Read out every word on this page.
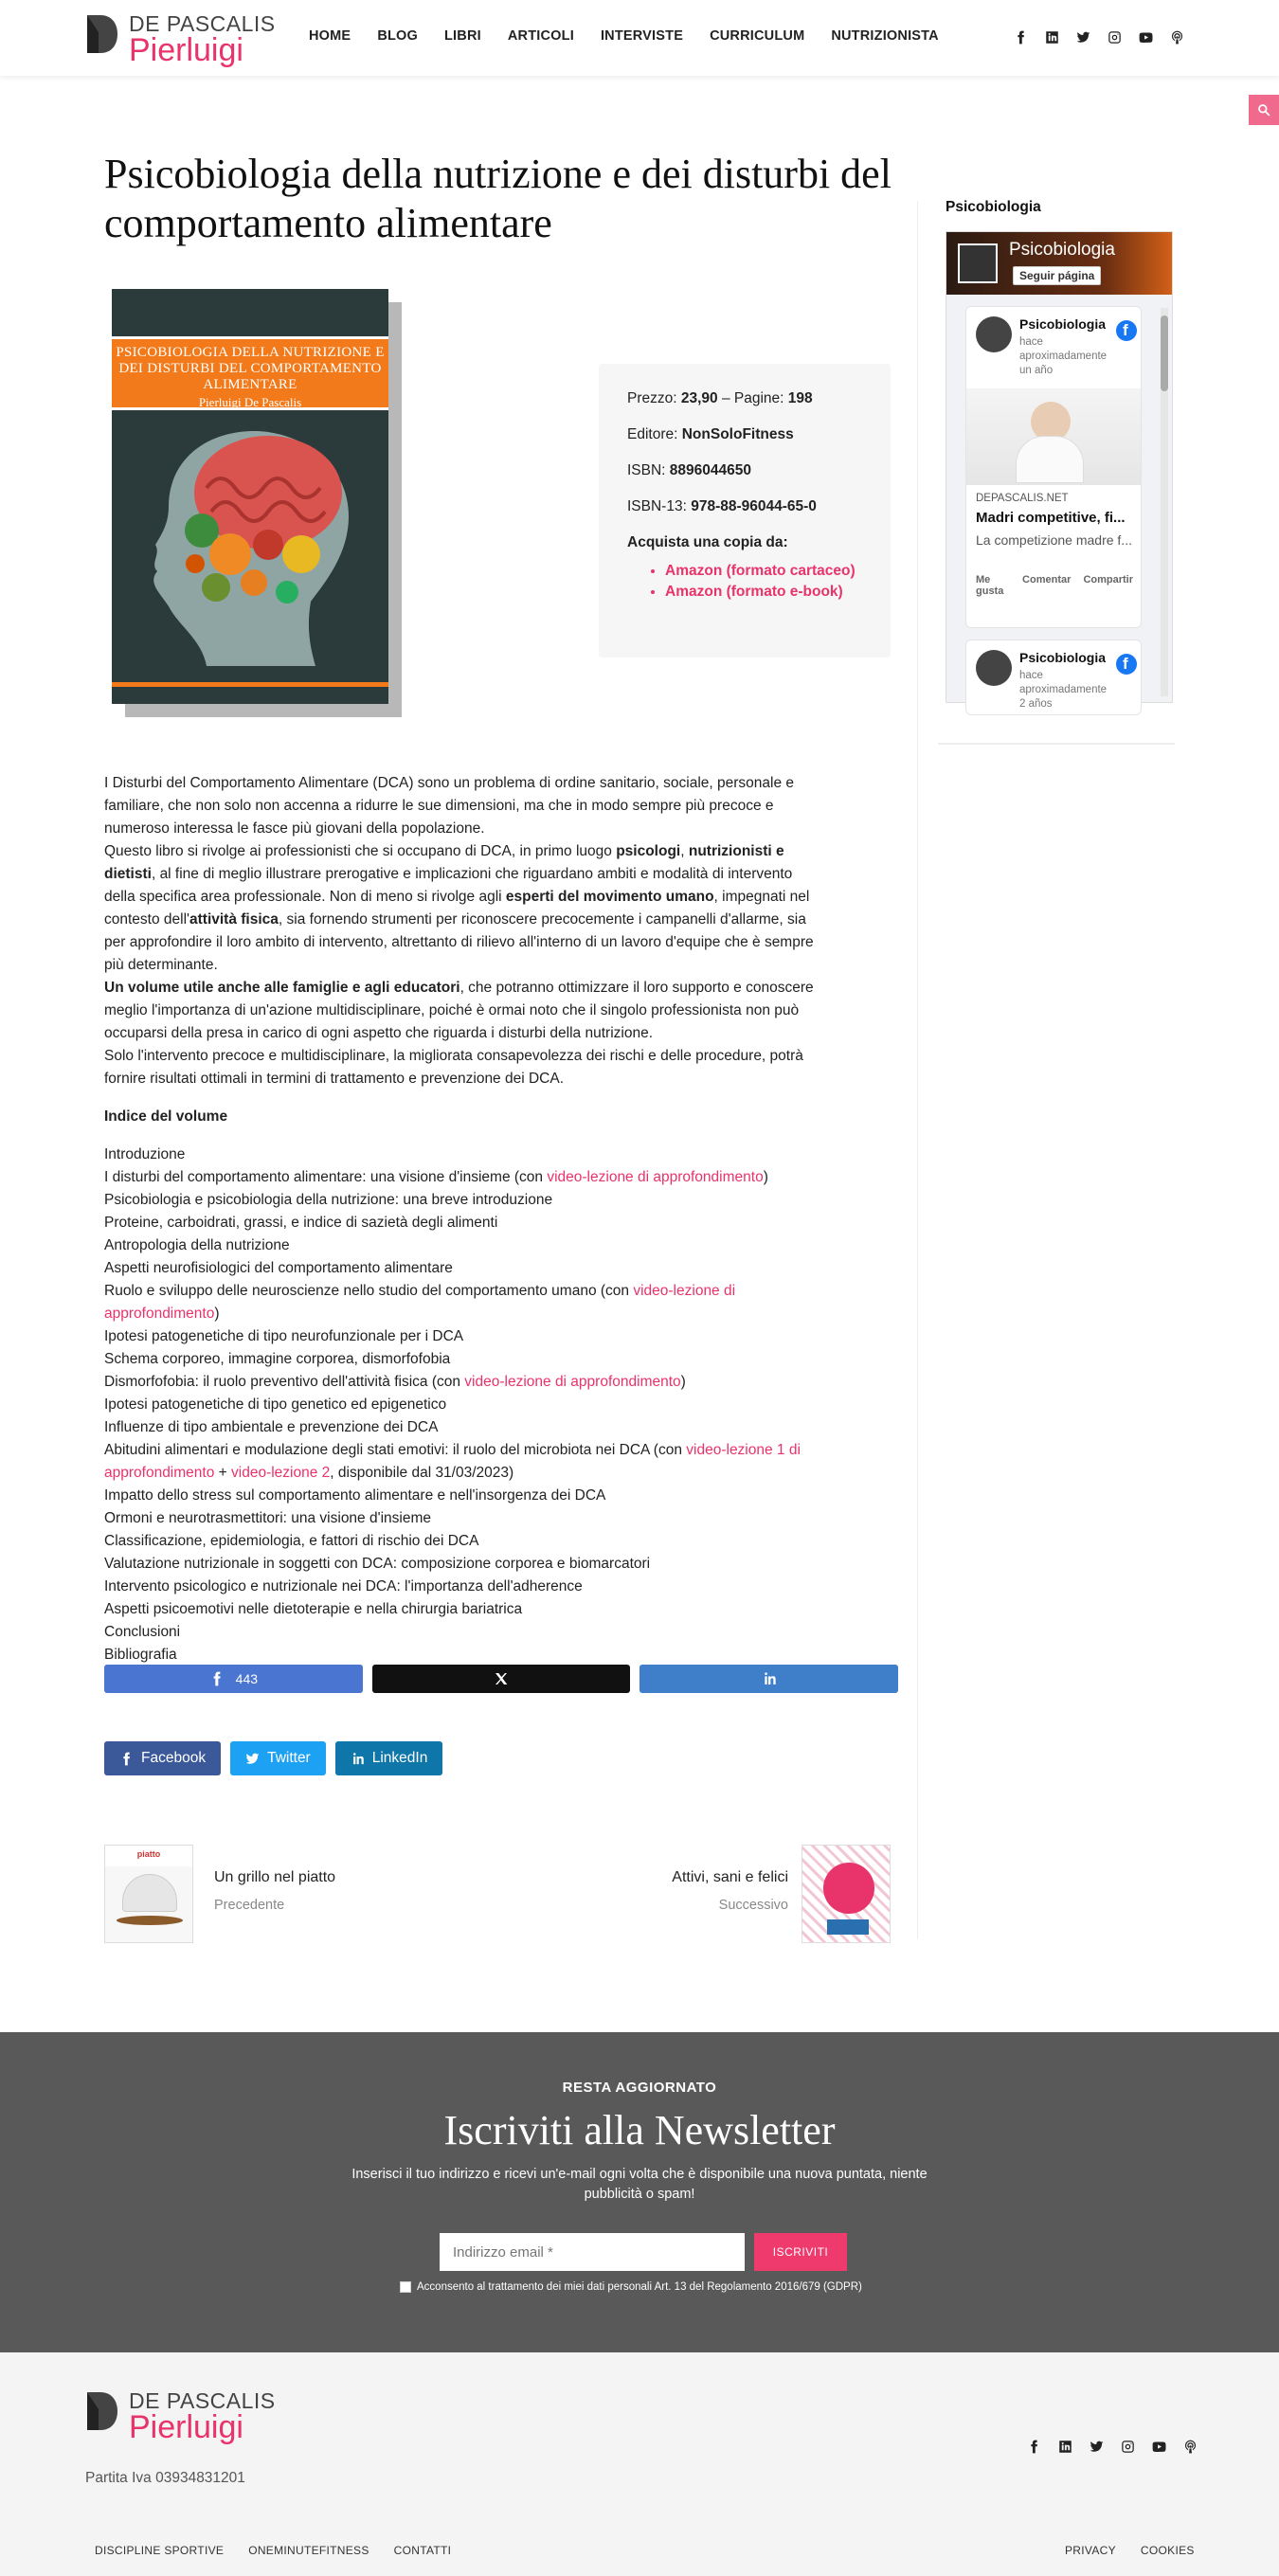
DE PASCALIS
Pierluigi	HOME BLOG LIBRI ARTICOLI INTERVISTE CURRICULUM NUTRIZIONISTA
Psicobiologia della nutrizione e dei disturbi del comportamento alimentare
PSICOBIOLOGIA DELLA NUTRIZIONE E DEI DISTURBI DEL COMPORTAMENTO ALIMENTARE
Pierluigi De Pascalis	Prezzo: 23,90 – Pagine: 198

Editore: NonSoloFitness

ISBN: 8896044650

ISBN-13: 978-88-96044-65-0

Acquista una copia da:

• Amazon (formato cartaceo)
• Amazon (formato e-book)

I Disturbi del Comportamento Alimentare (DCA) sono un problema di ordine sanitario, sociale, personale e familiare, che non solo non accenna a ridurre le sue dimensioni, ma che in modo sempre più precoce e numeroso interessa le fasce più giovani della popolazione.

Questo libro si rivolge ai professionisti che si occupano di DCA, in primo luogo psicologi, nutrizionisti e dietisti, al fine di meglio illustrare prerogative e implicazioni che riguardano ambiti e modalità di intervento della specifica area professionale. Non di meno si rivolge agli esperti del movimento umano, impegnati nel contesto dell'attività fisica, sia fornendo strumenti per riconoscere precocemente i campanelli d'allarme, sia per approfondire il loro ambito di intervento, altrettanto di rilievo all'interno di un lavoro d'equipe che è sempre più determinante.

Un volume utile anche alle famiglie e agli educatori, che potranno ottimizzare il loro supporto e conoscere meglio l'importanza di un'azione multidisciplinare, poiché è ormai noto che il singolo professionista non può occuparsi della presa in carico di ogni aspetto che riguarda i disturbi della nutrizione.

Solo l'intervento precoce e multidisciplinare, la migliorata consapevolezza dei rischi e delle procedure, potrà fornire risultati ottimali in termini di trattamento e prevenzione dei DCA.

Indice del volume

Introduzione
I disturbi del comportamento alimentare: una visione d'insieme (con video-lezione di approfondimento)
Psicobiologia e psicobiologia della nutrizione: una breve introduzione
Proteine, carboidrati, grassi, e indice di sazietà degli alimenti
Antropologia della nutrizione
Aspetti neurofisiologici del comportamento alimentare
Ruolo e sviluppo delle neuroscienze nello studio del comportamento umano (con video-lezione di approfondimento)
Ipotesi patogenetiche di tipo neurofunzionale per i DCA
Schema corporeo, immagine corporea, dismorfofobia
Dismorfofobia: il ruolo preventivo dell'attività fisica (con video-lezione di approfondimento)
Ipotesi patogenetiche di tipo genetico ed epigenetico
Influenze di tipo ambientale e prevenzione dei DCA
Abitudini alimentari e modulazione degli stati emotivi: il ruolo del microbiota nei DCA (con video-lezione 1 di approfondimento + video-lezione 2, disponibile dal 31/03/2023)
Impatto dello stress sul comportamento alimentare e nell'insorgenza dei DCA
Ormoni e neurotrasmettitori: una visione d'insieme
Classificazione, epidemiologia, e fattori di rischio dei DCA
Valutazione nutrizionale in soggetti con DCA: composizione corporea e biomarcatori
Intervento psicologico e nutrizionale nei DCA: l'importanza dell'adherence
Aspetti psicoemotivi nelle dietoterapie e nella chirurgia bariatrica
Conclusioni
Bibliografia
443
Facebook	Twitter	LinkedIn
piatto
Un grillo nel piatto
Precedente
Attivi, sani e felici
Successivo
Psicobiologia
Psicobiologia
Seguir página
Psicobiologia
hace aproximadamente un año
f
DEPASCALIS.NET
Madri competitive, fi...
La competizione madre f...
Me gusta
Comentar Compartir
Psicobiologia
hace aproximadamente 2 años
f
RESTA AGGIORNATO
Iscriviti alla Newsletter
Inserisci il tuo indirizzo e ricevi un'e-mail ogni volta che è disponibile una nuova puntata, niente pubblicità o spam!
Indirizzo email *
ISCRIVITI
Acconsento al trattamento dei miei dati personali Art. 13 del Regolamento 2016/679 (GDPR)
DE PASCALIS
Pierluigi
Partita Iva 03934831201
DISCIPLINE SPORTIVE ONEMINUTEFITNESS CONTATTI	PRIVACY COOKIES
